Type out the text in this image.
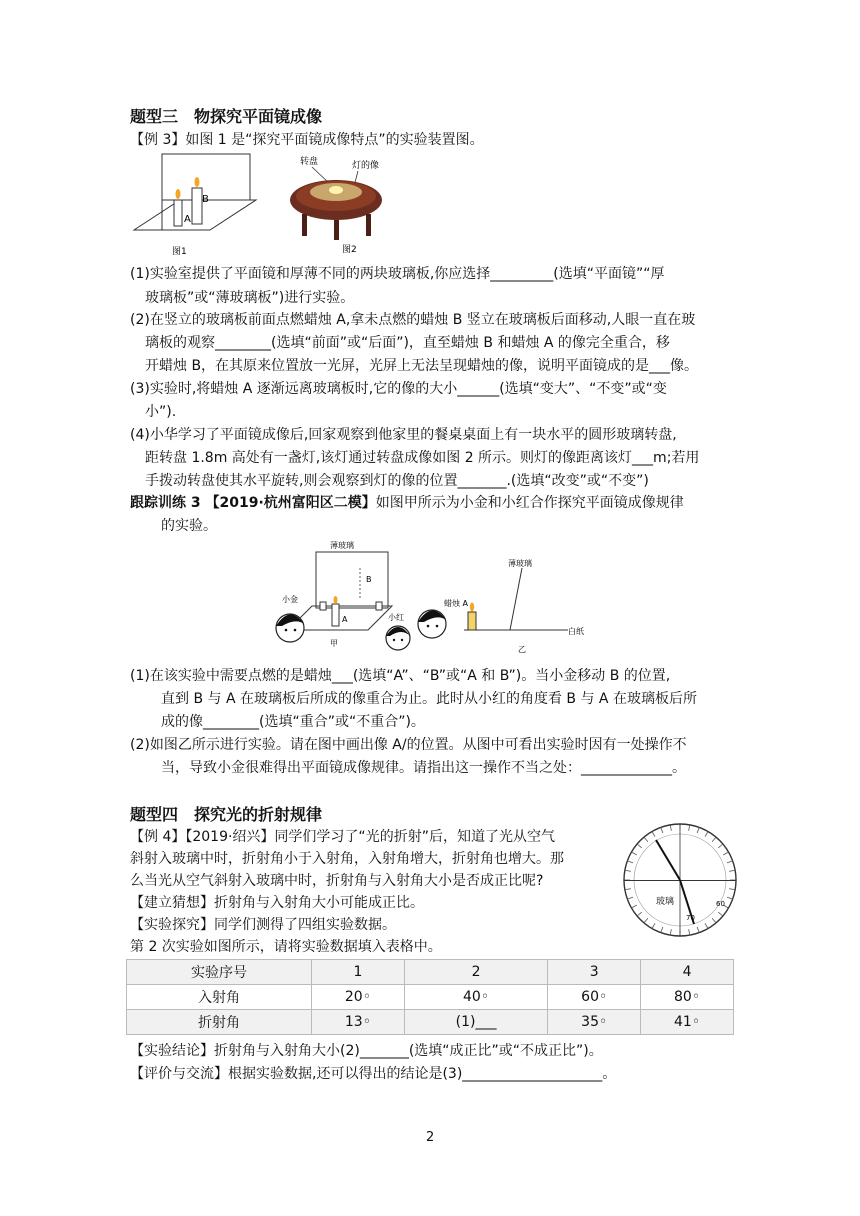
题型三　物探究平面镜成像
【例 3】如图 1 是“探究平面镜成像特点”的实验装置图。
B
A
图1
转盘	灯的像
图2
(1)实验室提供了平面镜和厚薄不同的两块玻璃板,你应选择_________(选填“平面镜”“厚
玻璃板”或“薄玻璃板”)进行实验。
(2)在竖立的玻璃板前面点燃蜡烛 A,拿未点燃的蜡烛 B 竖立在玻璃板后面移动,人眼一直在玻
璃板的观察________(选填“前面”或“后面”)，直至蜡烛 B 和蜡烛 A 的像完全重合，移
开蜡烛 B，在其原来位置放一光屏，光屏上无法呈现蜡烛的像，说明平面镜成的是___像。
(3)实验时,将蜡烛 A 逐渐远离玻璃板时,它的像的大小______(选填“变大”、“不变”或“变
小”).
(4)小华学习了平面镜成像后,回家观察到他家里的餐桌桌面上有一块水平的圆形玻璃转盘,
距转盘 1.8m 高处有一盏灯,该灯通过转盘成像如图 2 所示。则灯的像距离该灯___m;若用
手拨动转盘使其水平旋转,则会观察到灯的像的位置_______.(选填“改变”或“不变”)
跟踪训练 3 【2019·杭州富阳区二模】如图甲所示为小金和小红合作探究平面镜成像规律
的实验。
薄玻璃
B
A
小金
甲
小红
蜡烛 A
薄玻璃
白纸
乙
(1)在该实验中需要点燃的是蜡烛___(选填“A”、“B”或“A 和 B”)。当小金移动 B 的位置,
直到 B 与 A 在玻璃板后所成的像重合为止。此时从小红的角度看 B 与 A 在玻璃板后所
成的像________(选填“重合”或“不重合”)。
(2)如图乙所示进行实验。请在图中画出像 A/的位置。从图中可看出实验时因有一处操作不
当，导致小金很难得出平面镜成像规律。请指出这一操作不当之处：_____________。
题型四　探究光的折射规律
【例 4】【2019·绍兴】同学们学习了“光的折射”后，知道了光从空气
斜射入玻璃中时，折射角小于入射角，入射角增大，折射角也增大。那
么当光从空气斜射入玻璃中时，折射角与入射角大小是否成正比呢?
【建立猜想】折射角与入射角大小可能成正比。
【实验探究】同学们测得了四组实验数据。
第 2 次实验如图所示，请将实验数据填入表格中。
玻璃	60
70
实验序号	1	2	3	4
入射角	20◦	40◦	60◦	80◦
折射角	13◦	(1)___	35◦	41◦
【实验结论】折射角与入射角大小(2)_______(选填“成正比”或“不成正比”)。
【评价与交流】根据实验数据,还可以得出的结论是(3)____________________。
2
